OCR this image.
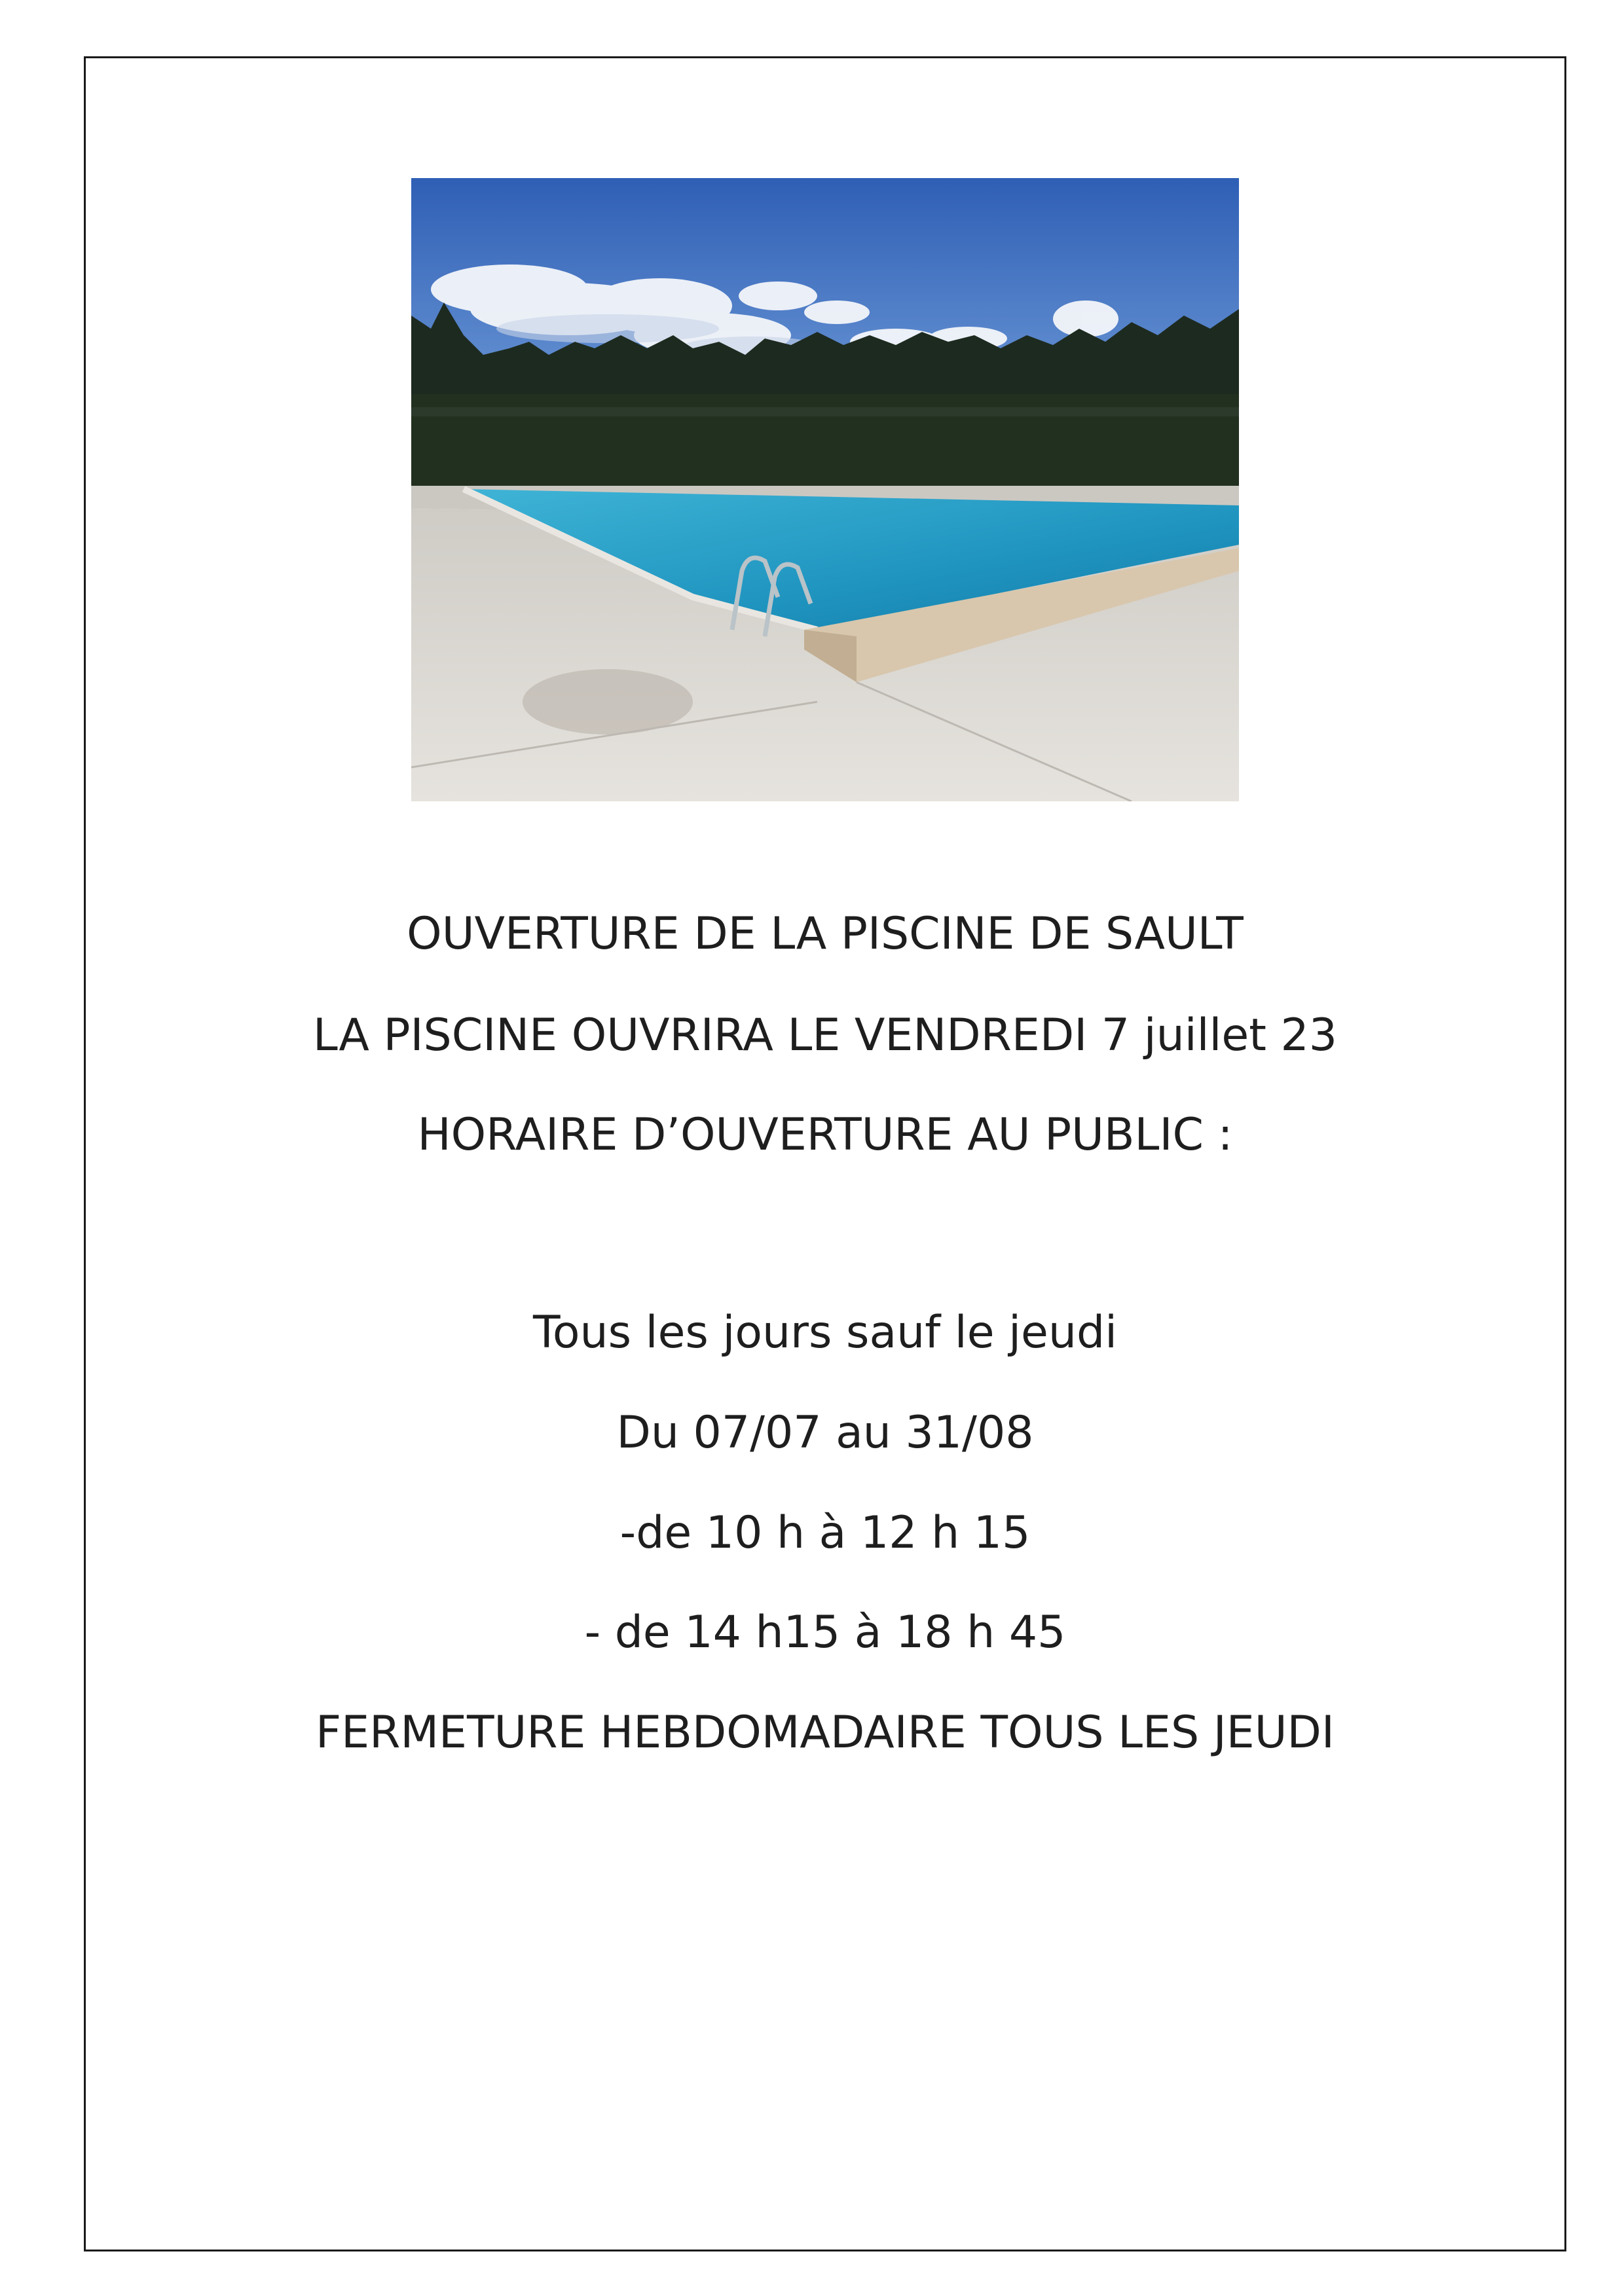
OUVERTURE DE LA PISCINE DE SAULT
LA PISCINE OUVRIRA LE VENDREDI 7 juillet 23
HORAIRE D’OUVERTURE AU PUBLIC :
Tous les jours sauf le jeudi
Du 07/07 au 31/08
-de 10 h à 12 h 15
- de 14 h15 à 18 h 45
FERMETURE HEBDOMADAIRE TOUS LES JEUDI
